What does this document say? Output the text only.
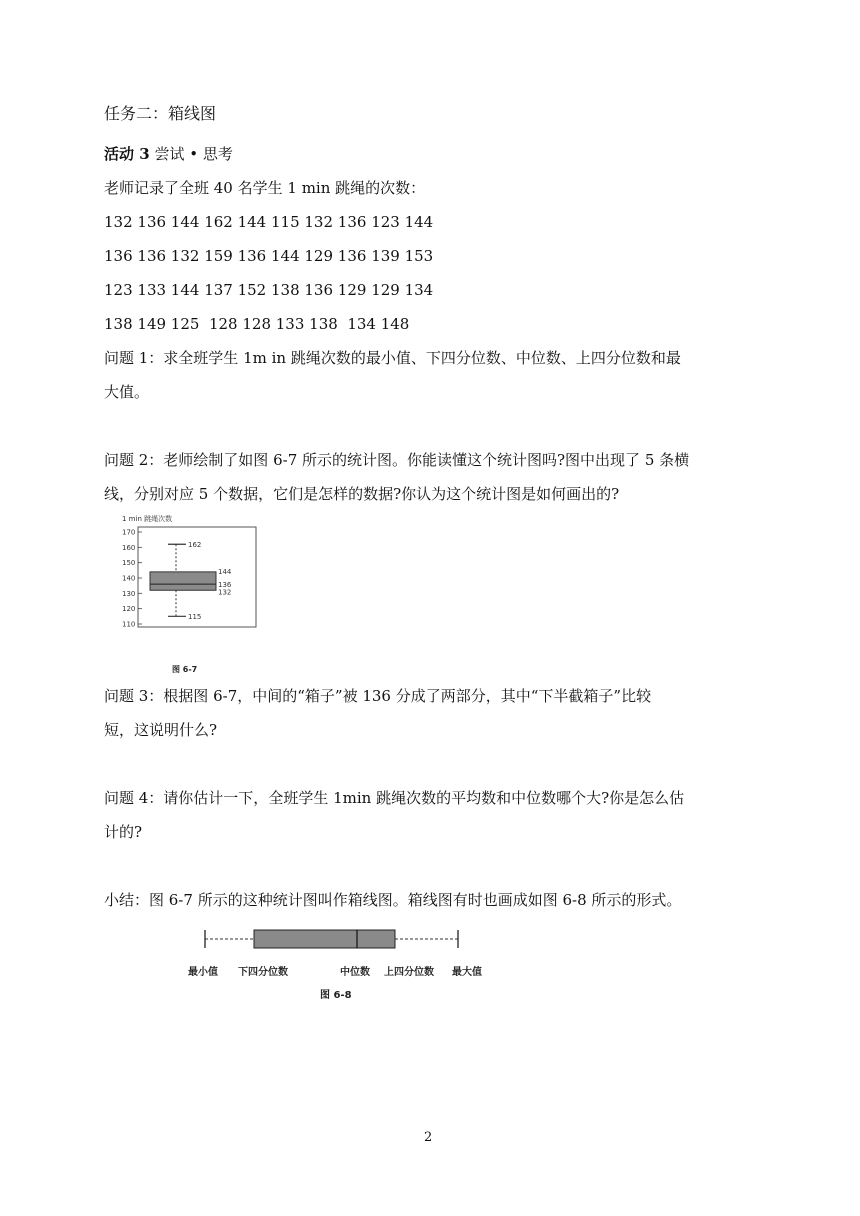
任务二：箱线图
活动 3 尝试 • 思考
老师记录了全班 40 名学生 1 min 跳绳的次数：
132 136 144 162 144 115 132 136 123 144
136 136 132 159 136 144 129 136 139 153
123 133 144 137 152 138 136 129 129 134
138 149 125  128 128 133 138  134 148
问题 1：求全班学生 1m in 跳绳次数的最小值、下四分位数、中位数、上四分位数和最
大值。
问题 2：老师绘制了如图 6-7 所示的统计图。你能读懂这个统计图吗?图中出现了 5 条横
线，分别对应 5 个数据，它们是怎样的数据?你认为这个统计图是如何画出的?
1 min 跳绳次数
170
160
150
140
130
120
110
162
144
136
132
115
图 6-7
问题 3：根据图 6-7，中间的“箱子”被 136 分成了两部分，其中“下半截箱子”比较
短，这说明什么?
问题 4：请你估计一下，全班学生 1min 跳绳次数的平均数和中位数哪个大?你是怎么估
计的?
小结：图 6-7 所示的这种统计图叫作箱线图。箱线图有时也画成如图 6-8 所示的形式。
最小值 下四分位数	中位数 上四分位数 最大值
图 6-8
2
